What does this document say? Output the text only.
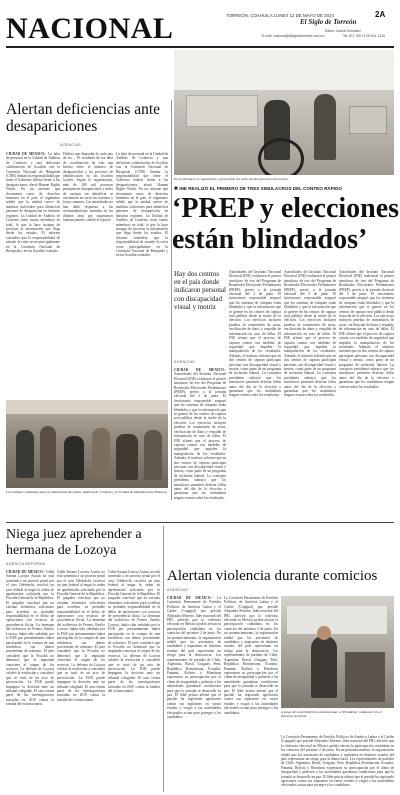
NACIONAL	TORREÓN, COAHUILA LUNES 13 DE MAYO DE 2024	2A
El Siglo de Torreón
Editor: Carlos González
E-mail: nacional@elsiglodetorreon.com.mx	Tel: 871 759 12 00 Ext. 1216
Alertan deficiencias ante desapariciones
AGENCIAS
CIUDAD DE MÉXICO.- La falta de personal en la Unidad de Análisis de Contexto y una deficiente colaboración de fiscalías con la Comisión Nacional de Búsqueda (CNB) limitan la responsabilidad que tiene el Gobierno federal frente a las desapariciones, alertó Human Rights Watch. En un informe que documenta casos de derechos humanos en el país, el organismo señaló que la unidad carece de analistas suficientes para identificar patrones de desaparición en distintas regiones. La Unidad de Análisis de Contexto tiene cuatro miembros en total, lo que la hace incapaz de procesar la información que llega desde los estados. El informe considera que la responsabilidad de atender la crisis recae principalmente en la Comisión Nacional de Búsqueda y en las fiscalías estatales.
Delfina que dependía de cada uno de los ... El resultado de esa falta de coordinación ha sido una brecha entre el número de desaparecidos y los procesos de identificación en las fiscalías locales. Según la organización, más de 100 mil personas permanecen desaparecidas y miles de cuerpos sin identificar se encuentran en servicios forenses y fosas comunes. Las autoridades no han dado respuesta a las recomendaciones emitidas en los últimos años por organismos internacionales, señaló el reporte.
La falta de personal en la Unidad de Análisis de Contexto y una deficiente colaboración de fiscalías con la Comisión Nacional de Búsqueda (CNB) limitan la responsabilidad que tiene el Gobierno federal frente a las desapariciones, alertó Human Rights Watch. En un informe que documenta casos de derechos humanos en el país, el organismo señaló que la unidad carece de analistas suficientes para identificar patrones de desaparición en distintas regiones. La Unidad de Análisis de Contexto tiene cuatro miembros en total, lo que la hace incapaz de procesar la información que llega desde los estados. El informe considera que la responsabilidad de atender la crisis recae principalmente en la Comisión Nacional de Búsqueda y en las fiscalías estatales.
Los trabajos realizados para la elaboración del Atlas, Análisis de Contexto y la Unidad de Identificación Humana.
En el simulacro se capturaron y procesaron las actas de dos procesos electorales.
■ INE REALIZÓ EL PRIMERO DE TRES SIMULACROS DEL CONTEO RÁPIDO
‘PREP y elecciones
están blindados’
Hay dos centros en el país donde indicaron personal con discapacidad visual y motriz
AGENCIAS
CIUDAD DE MÉXICO.- Autoridades del Instituto Nacional Electoral (INE) realizaron el primer simulacro de tres del Programa de Resultados Electorales Preliminares (PREP), previo a la jornada electoral del 2 de junio. El funcionario responsable aseguró que los sistemas de cómputo están blindados y que la información que se genere en los centros de captura será pública desde la noche de la elección. Los ejercicios incluyen pruebas de transmisión de actas, verificación de datos y respaldo de información en caso de fallas. El INE afirmó que el proceso de captura cuenta con medidas de seguridad que impiden la manipulación de los resultados. Además, el instituto informó que en dos centros de captura participan personas con discapacidad visual y motriz, como parte de un programa de inclusión laboral. La consejera presidenta subrayó que los simulacros permiten detectar fallas antes del día de la elección y garantizar que los ciudadanos tengan certeza sobre los resultados.
Autoridades del Instituto Nacional Electoral (INE) realizaron el primer simulacro de tres del Programa de Resultados Electorales Preliminares (PREP), previo a la jornada electoral del 2 de junio. El funcionario responsable aseguró que los sistemas de cómputo están blindados y que la información que se genere en los centros de captura será pública desde la noche de la elección. Los ejercicios incluyen pruebas de transmisión de actas, verificación de datos y respaldo de información en caso de fallas. El INE afirmó que el proceso de captura cuenta con medidas de seguridad que impiden la manipulación de los resultados. Además, el instituto informó que en dos centros de captura participan personas con discapacidad visual y motriz, como parte de un programa de inclusión laboral. La consejera presidenta subrayó que los simulacros permiten detectar fallas antes del día de la elección y garantizar que los ciudadanos tengan certeza sobre los resultados.
Autoridades del Instituto Nacional Electoral (INE) realizaron el primer simulacro de tres del Programa de Resultados Electorales Preliminares (PREP), previo a la jornada electoral del 2 de junio. El funcionario responsable aseguró que los sistemas de cómputo están blindados y que la información que se genere en los centros de captura será pública desde la noche de la elección. Los ejercicios incluyen pruebas de transmisión de actas, verificación de datos y respaldo de información en caso de fallas. El INE afirmó que el proceso de captura cuenta con medidas de seguridad que impiden la manipulación de los resultados. Además, el instituto informó que en dos centros de captura participan personas con discapacidad visual y motriz, como parte de un programa de inclusión laboral. La consejera presidenta subrayó que los simulacros permiten detectar fallas antes del día de la elección y garantizar que los ciudadanos tengan certeza sobre los resultados.
Autoridades del Instituto Nacional Electoral (INE) realizaron el primer simulacro de tres del Programa de Resultados Electorales Preliminares (PREP), previo a la jornada electoral del 2 de junio. El funcionario responsable aseguró que los sistemas de cómputo están blindados y que la información que se genere en los centros de captura será pública desde la noche de la elección. Los ejercicios incluyen pruebas de transmisión de actas, verificación de datos y respaldo de información en caso de fallas. El INE afirmó que el proceso de captura cuenta con medidas de seguridad que impiden la manipulación de los resultados. Además, el instituto informó que en dos centros de captura participan personas con discapacidad visual y motriz, como parte de un programa de inclusión laboral. La consejera presidenta subrayó que los simulacros permiten detectar fallas antes del día de la elección y garantizar que los ciudadanos tengan certeza sobre los resultados.
Niega juez aprehender a hermana de Lozoya
AGENCIA REFORMA
CIUDAD DE MÉXICO.- Gilda Susana Lozoya Austin no está sometida a un proceso penal por el caso Odebrecht, resolvió un juez federal al negar la orden de aprehensión solicitada por la Fiscalía General de la República. El juzgador concluyó que no existían elementos suficientes para acreditar su probable responsabilidad en el delito de operaciones con recursos de procedencia ilícita. La hermana del exdirector de Pemex, Emilio Lozoya, había sido señalada por la FGR por presuntamente haber participado en la compra de una residencia con dinero proveniente de sobornos. El juez consideró que la Fiscalía no demostró que la imputada conociera el origen de los recursos. La defensa de Lozoya celebró la resolución y consideró que se trató de un acto de persecución. La FGR puede impugnar la decisión ante un tribunal colegiado. El caso forma parte de las investigaciones iniciadas en 2019 contra la familia del exfuncionario.
Gilda Susana Lozoya Austin no está sometida a un proceso penal por el caso Odebrecht, resolvió un juez federal al negar la orden de aprehensión solicitada por la Fiscalía General de la República. El juzgador concluyó que no existían elementos suficientes para acreditar su probable responsabilidad en el delito de operaciones con recursos de procedencia ilícita. La hermana del exdirector de Pemex, Emilio Lozoya, había sido señalada por la FGR por presuntamente haber participado en la compra de una residencia con dinero proveniente de sobornos. El juez consideró que la Fiscalía no demostró que la imputada conociera el origen de los recursos. La defensa de Lozoya celebró la resolución y consideró que se trató de un acto de persecución. La FGR puede impugnar la decisión ante un tribunal colegiado. El caso forma parte de las investigaciones iniciadas en 2019 contra la familia del exfuncionario.
Gilda Susana Lozoya Austin no está sometida a un proceso penal por el caso Odebrecht, resolvió un juez federal al negar la orden de aprehensión solicitada por la Fiscalía General de la República. El juzgador concluyó que no existían elementos suficientes para acreditar su probable responsabilidad en el delito de operaciones con recursos de procedencia ilícita. La hermana del exdirector de Pemex, Emilio Lozoya, había sido señalada por la FGR por presuntamente haber participado en la compra de una residencia con dinero proveniente de sobornos. El juez consideró que la Fiscalía no demostró que la imputada conociera el origen de los recursos. La defensa de Lozoya celebró la resolución y consideró que se trató de un acto de persecución. La FGR puede impugnar la decisión ante un tribunal colegiado. El caso forma parte de las investigaciones iniciadas en 2019 contra la familia del exfuncionario.
Alertan violencia durante comicios
AGENCIAS
CIUDAD DE MÉXICO.- La Comisión Permanente de Partidos Políticos de América Latina y el Caribe (Copppal) que preside Alejandro Moreno, líder nacional del PRI, advirtió que la violencia electoral en México podría afectar la participación ciudadana en los comicios del próximo 2 de junio. En un pronunciamiento, la organización señaló que los asesinatos de candidatos y aspirantes en distintos estados del país representan un riesgo para la democracia. Los representantes de partidos de Chile, Argentina, Brasil, Uruguay, Perú, República Dominicana, Ecuador, Panamá, Bolivia y Honduras expresaron su preocupación por el clima de inseguridad y pidieron a las autoridades garantizar condiciones para que la jornada se desarrolle en paz. El líder priista afirmó que el partido ha registrado agresiones contra sus aspirantes en varios estados y exigió a las autoridades electorales actuar para proteger a los candidatos.
La Comisión Permanente de Partidos Políticos de América Latina y el Caribe (Copppal) que preside Alejandro Moreno, líder nacional del PRI, advirtió que la violencia electoral en México podría afectar la participación ciudadana en los comicios del próximo 2 de junio. En un pronunciamiento, la organización señaló que los asesinatos de candidatos y aspirantes en distintos estados del país representan un riesgo para la democracia. Los representantes de partidos de Chile, Argentina, Brasil, Uruguay, Perú, República Dominicana, Ecuador, Panamá, Bolivia y Honduras expresaron su preocupación por el clima de inseguridad y pidieron a las autoridades garantizar condiciones para que la jornada se desarrolle en paz. El líder priista afirmó que el partido ha registrado agresiones contra sus aspirantes en varios estados y exigió a las autoridades electorales actuar para proteger a los candidatos.	A pesar de la prohibición constitucional, el Presidente ‘mañanero’ en el discurso electoral.
La Comisión Permanente de Partidos Políticos de América Latina y el Caribe (Copppal) que preside Alejandro Moreno, líder nacional del PRI, advirtió que la violencia electoral en México podría afectar la participación ciudadana en los comicios del próximo 2 de junio. En un pronunciamiento, la organización señaló que los asesinatos de candidatos y aspirantes en distintos estados del país representan un riesgo para la democracia. Los representantes de partidos de Chile, Argentina, Brasil, Uruguay, Perú, República Dominicana, Ecuador, Panamá, Bolivia y Honduras expresaron su preocupación por el clima de inseguridad y pidieron a las autoridades garantizar condiciones para que la jornada se desarrolle en paz. El líder priista afirmó que el partido ha registrado agresiones contra sus aspirantes en varios estados y exigió a las autoridades electorales actuar para proteger a los candidatos.
